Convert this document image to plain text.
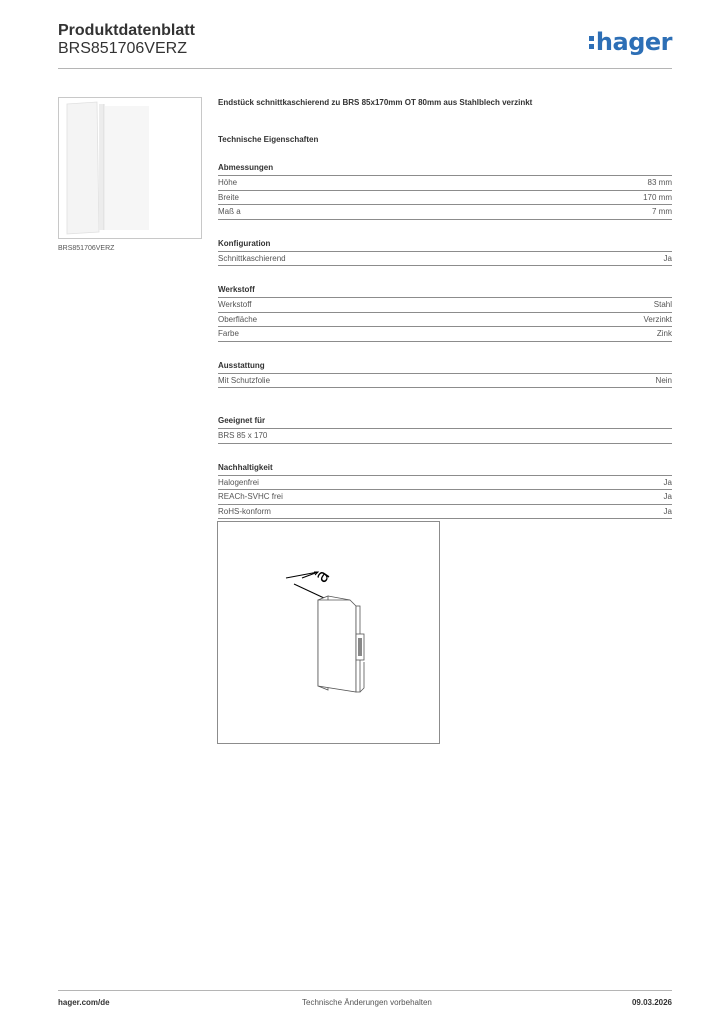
Produktdatenblatt
BRS851706VERZ	hager
BRS851706VERZ
Endstück schnittkaschierend zu BRS 85x170mm OT 80mm aus Stahlblech verzinkt
Technische Eigenschaften
Abmessungen
Höhe	83 mm
Breite	170 mm
Maß a	7 mm
Konfiguration
Schnittkaschierend	Ja
Werkstoff
Werkstoff	Stahl
Oberfläche	Verzinkt
Farbe	Zink
Ausstattung
Mit Schutzfolie	Nein
Geeignet für
BRS 85 x 170
Nachhaltigkeit
Halogenfrei	Ja
REACh-SVHC frei	Ja
RoHS-konform	Ja
a
hager.com/de	Technische Änderungen vorbehalten	09.03.2026
